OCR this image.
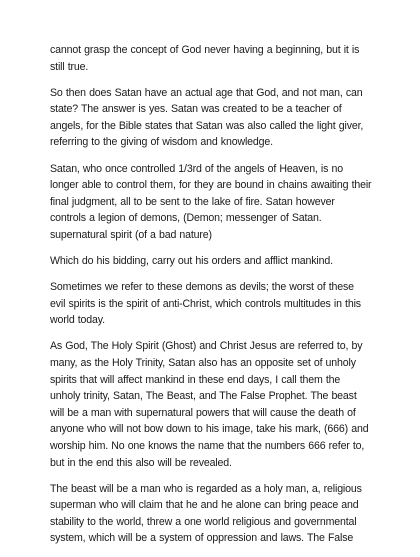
cannot grasp the concept of God never having a beginning, but it is still true.

So then does Satan have an actual age that God, and not man, can state? The answer is yes. Satan was created to be a teacher of angels, for the Bible states that Satan was also called the light giver, referring to the giving of wisdom and knowledge.

Satan, who once controlled 1/3rd of the angels of Heaven, is no longer able to control them, for they are bound in chains awaiting their final judgment, all to be sent to the lake of fire. Satan however controls a legion of demons, (Demon; messenger of Satan. supernatural spirit (of a bad nature)

Which do his bidding, carry out his orders and afflict mankind.

Sometimes we refer to these demons as devils; the worst of these evil spirits is the spirit of anti-Christ, which controls multitudes in this world today.

As God, The Holy Spirit (Ghost) and Christ Jesus are referred to, by many, as the Holy Trinity, Satan also has an opposite set of unholy spirits that will affect mankind in these end days, I call them the unholy trinity, Satan, The Beast, and The False Prophet. The beast will be a man with supernatural powers that will cause the death of anyone who will not bow down to his image, take his mark, (666) and worship him. No one knows the name that the numbers 666 refer to, but in the end this also will be revealed.

The beast will be a man who is regarded as a holy man, a, religious superman who will claim that he and he alone can bring peace and stability to the world, threw a one world religious and governmental system, which will be a system of oppression and laws. The False
